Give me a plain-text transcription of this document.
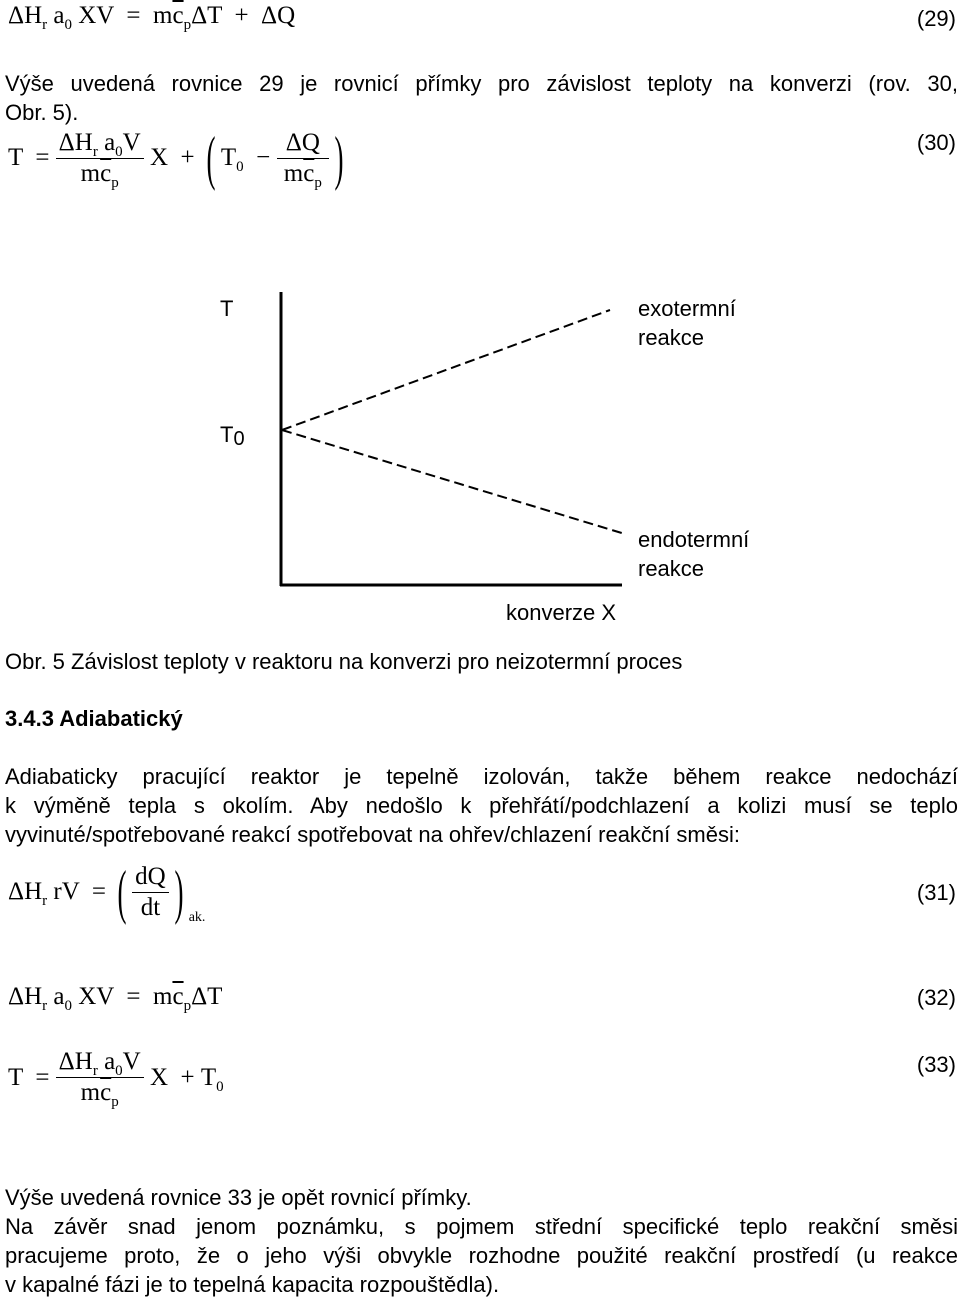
$\Delta H_r$ $a_0$ XV  =  $m\overline{c}_p\Delta T + \Delta Q$	(29)
Výše uvedená rovnice 29 je rovnicí přímky pro závislost teploty na konverzi (rov. 30,
Obr. 5).
$T = \frac{\Delta H_r a_0V}{m\overline{c}_p}$ X  + ( $T_0 - \frac{\Delta Q}{m\overline{c}_p}$ )	(30)
T
T0
exotermní
reakce
endotermní
reakce
konverze X
Obr. 5 Závislost teploty v reaktoru na konverzi pro neizotermní proces
3.4.3 Adiabatický
Adiabaticky pracující reaktor je tepelně izolován, takže během reakce nedochází
k výměně tepla s okolím. Aby nedošlo k přehřátí/podchlazení a kolizi musí se teplo
vyvinuté/spotřebované reakcí spotřebovat na ohřev/chlazení reakční směsi:
$\Delta H_r$ rV  = ( $\frac{dQ}{dt}$ ) ak.
(31)
$\Delta H_r$ $a_0$ XV  =  $m\overline{c}_p\Delta T$	(32)
$T = \frac{\Delta H_r a_0V}{m\overline{c}_p}$ $X + T_0$
(33)
Výše uvedená rovnice 33 je opět rovnicí přímky.
Na závěr snad jenom poznámku, s pojmem střední specifické teplo reakční směsi
pracujeme proto, že o jeho výši obvykle rozhodne použité reakční prostředí (u reakce
v kapalné fázi je to tepelná kapacita rozpouštědla).
